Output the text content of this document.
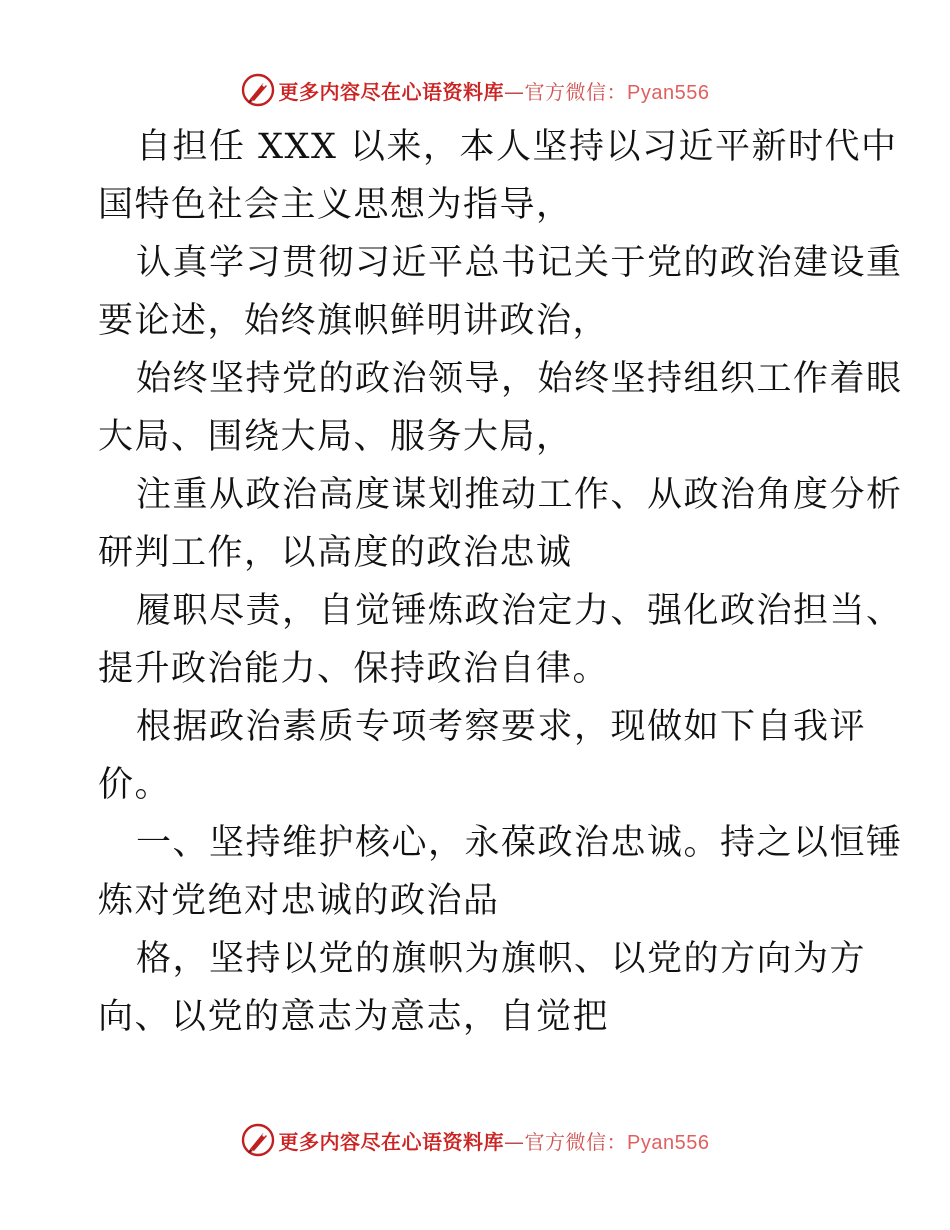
更多内容尽在心语资料库—官方微信：Pyan556
自担任 XXX 以来，本人坚持以习近平新时代中
国特色社会主义思想为指导，
认真学习贯彻习近平总书记关于党的政治建设重
要论述，始终旗帜鲜明讲政治，
始终坚持党的政治领导，始终坚持组织工作着眼
大局、围绕大局、服务大局，
注重从政治高度谋划推动工作、从政治角度分析
研判工作，以高度的政治忠诚
履职尽责，自觉锤炼政治定力、强化政治担当、
提升政治能力、保持政治自律。
根据政治素质专项考察要求，现做如下自我评
价。
一、坚持维护核心，永葆政治忠诚。持之以恒锤
炼对党绝对忠诚的政治品
格，坚持以党的旗帜为旗帜、以党的方向为方
向、以党的意志为意志，自觉把
更多内容尽在心语资料库—官方微信：Pyan556
